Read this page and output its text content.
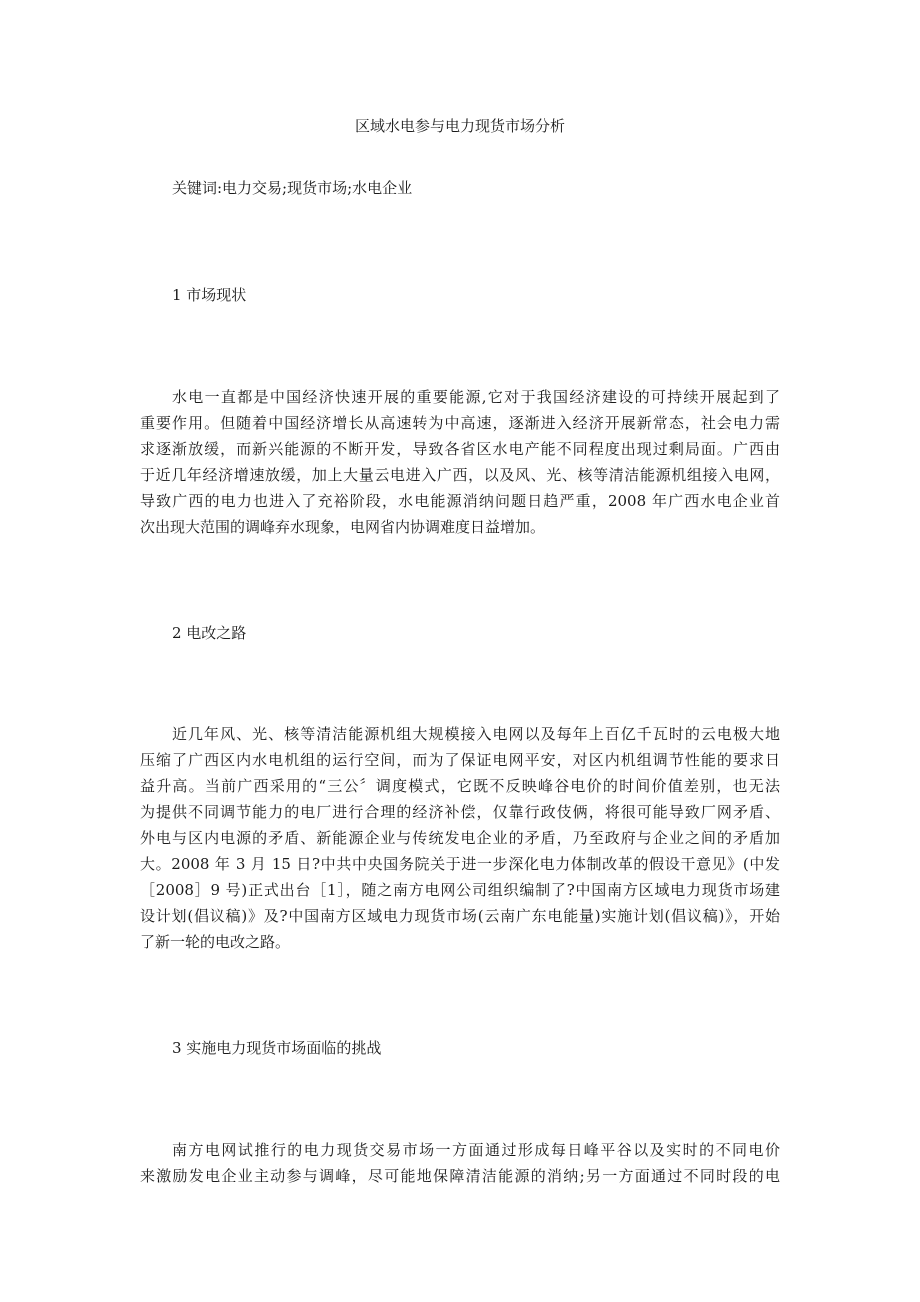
区域水电参与电力现货市场分析
关键词:电力交易;现货市场;水电企业
1 市场现状
水电一直都是中国经济快速开展的重要能源,它对于我国经济建设的可持续开展起到了
重要作用。但随着中国经济增长从高速转为中高速，逐渐进入经济开展新常态，社会电力需
求逐渐放缓，而新兴能源的不断开发，导致各省区水电产能不同程度出现过剩局面。广西由
于近几年经济增速放缓，加上大量云电进入广西，以及风、光、核等清洁能源机组接入电网，
导致广西的电力也进入了充裕阶段，水电能源消纳问题日趋严重，2008 年广西水电企业首
次出现大范围的调峰弃水现象，电网省内协调难度日益增加。
2 电改之路
近几年风、光、核等清洁能源机组大规模接入电网以及每年上百亿千瓦时的云电极大地
压缩了广西区内水电机组的运行空间，而为了保证电网平安，对区内机组调节性能的要求日
益升高。当前广西采用的“三公〞调度模式，它既不反映峰谷电价的时间价值差别，也无法
为提供不同调节能力的电厂进行合理的经济补偿，仅靠行政伎俩，将很可能导致厂网矛盾、
外电与区内电源的矛盾、新能源企业与传统发电企业的矛盾，乃至政府与企业之间的矛盾加
大。2008 年 3 月 15 日?中共中央国务院关于进一步深化电力体制改革的假设干意见》(中发
［2008］9 号)正式出台［1］，随之南方电网公司组织编制了?中国南方区域电力现货市场建
设计划(倡议稿)》及?中国南方区域电力现货市场(云南广东电能量)实施计划(倡议稿)》，开始
了新一轮的电改之路。
3 实施电力现货市场面临的挑战
南方电网试推行的电力现货交易市场一方面通过形成每日峰平谷以及实时的不同电价
来激励发电企业主动参与调峰，尽可能地保障清洁能源的消纳;另一方面通过不同时段的电
